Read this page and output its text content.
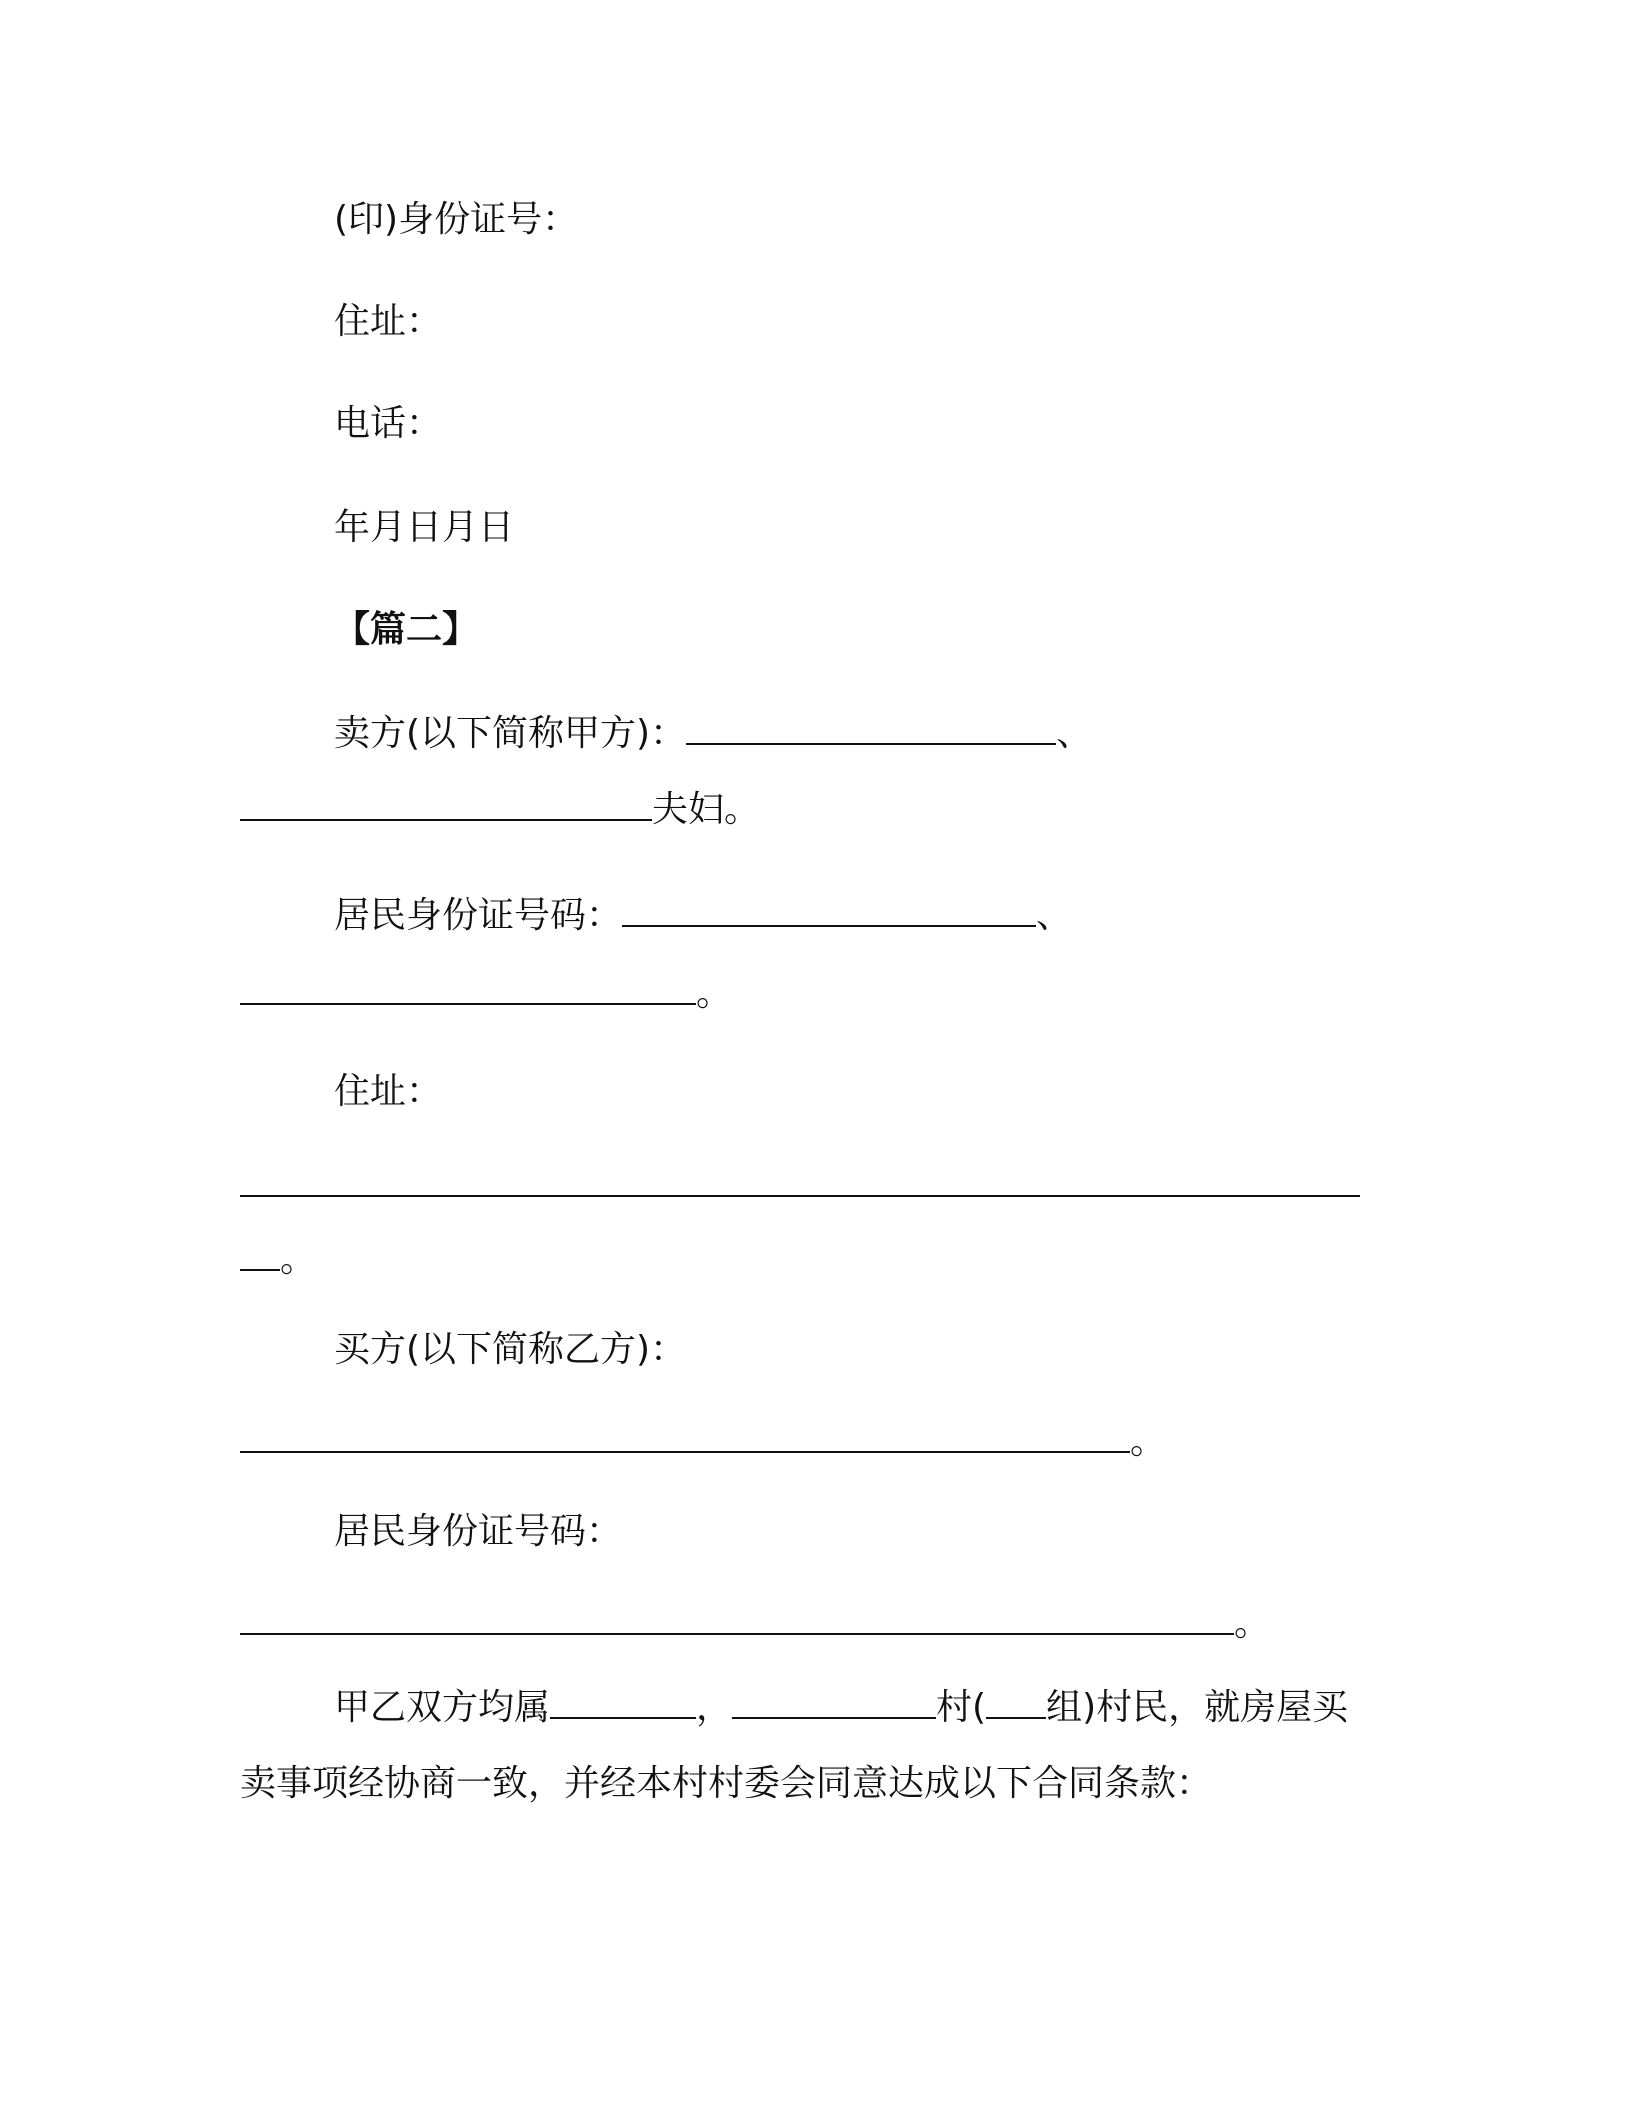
(印)身份证号：
住址：
电话：
年月日月日
【篇二】
卖方(以下简称甲方)：	、
夫妇。
居民身份证号码：	、
。
住址：
。
买方(以下简称乙方)：
。
居民身份证号码：
。
甲乙双方均属	，	村( 组)村民，就房屋买
卖事项经协商一致，并经本村村委会同意达成以下合同条款：
